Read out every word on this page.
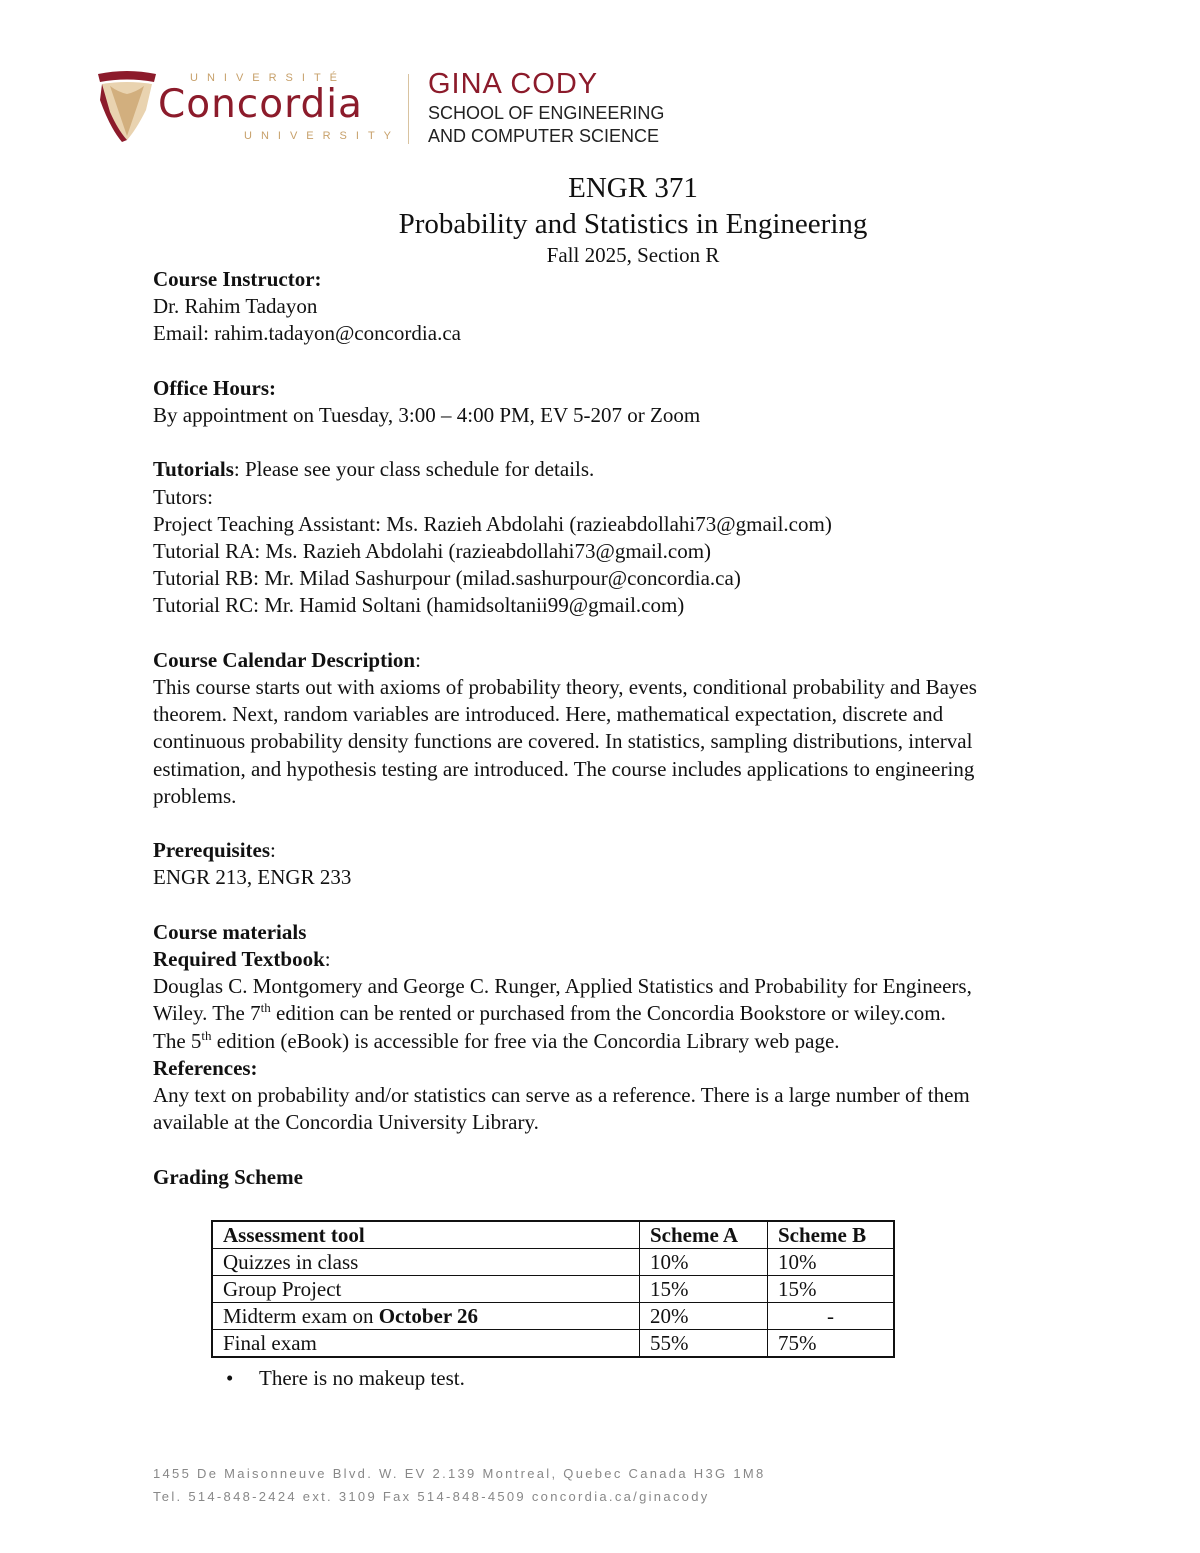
UNIVERSITÉ
Concordia
UNIVERSITY
GINA CODY
SCHOOL OF ENGINEERING
AND COMPUTER SCIENCE
ENGR 371
Probability and Statistics in Engineering
Fall 2025, Section R

Course Instructor:

Dr. Rahim Tadayon

Email: rahim.tadayon@concordia.ca

Office Hours:

By appointment on Tuesday, 3:00 – 4:00 PM, EV 5-207 or Zoom

Tutorials: Please see your class schedule for details.

Tutors:

Project Teaching Assistant: Ms. Razieh Abdolahi (razieabdollahi73@gmail.com)

Tutorial RA: Ms. Razieh Abdolahi (razieabdollahi73@gmail.com)

Tutorial RB: Mr. Milad Sashurpour (milad.sashurpour@concordia.ca)

Tutorial RC: Mr. Hamid Soltani (hamidsoltanii99@gmail.com)

Course Calendar Description:

This course starts out with axioms of probability theory, events, conditional probability and Bayes

theorem. Next, random variables are introduced. Here, mathematical expectation, discrete and

continuous probability density functions are covered. In statistics, sampling distributions, interval

estimation, and hypothesis testing are introduced. The course includes applications to engineering

problems.

Prerequisites:

ENGR 213, ENGR 233

Course materials

Required Textbook:

Douglas C. Montgomery and George C. Runger, Applied Statistics and Probability for Engineers,

Wiley. The 7th edition can be rented or purchased from the Concordia Bookstore or wiley.com.

The 5th edition (eBook) is accessible for free via the Concordia Library web page.

References:

Any text on probability and/or statistics can serve as a reference. There is a large number of them

available at the Concordia University Library.

Grading Scheme

Assessment tool	Scheme A	Scheme B
Quizzes in class	10%	10%
Group Project	15%	15%
Midterm exam on October 26	20%	-
Final exam	55%	75%
• There is no makeup test.
1455 De Maisonneuve Blvd. W. EV 2.139 Montreal, Quebec Canada H3G 1M8
Tel. 514-848-2424 ext. 3109 Fax 514-848-4509 concordia.ca/ginacody
